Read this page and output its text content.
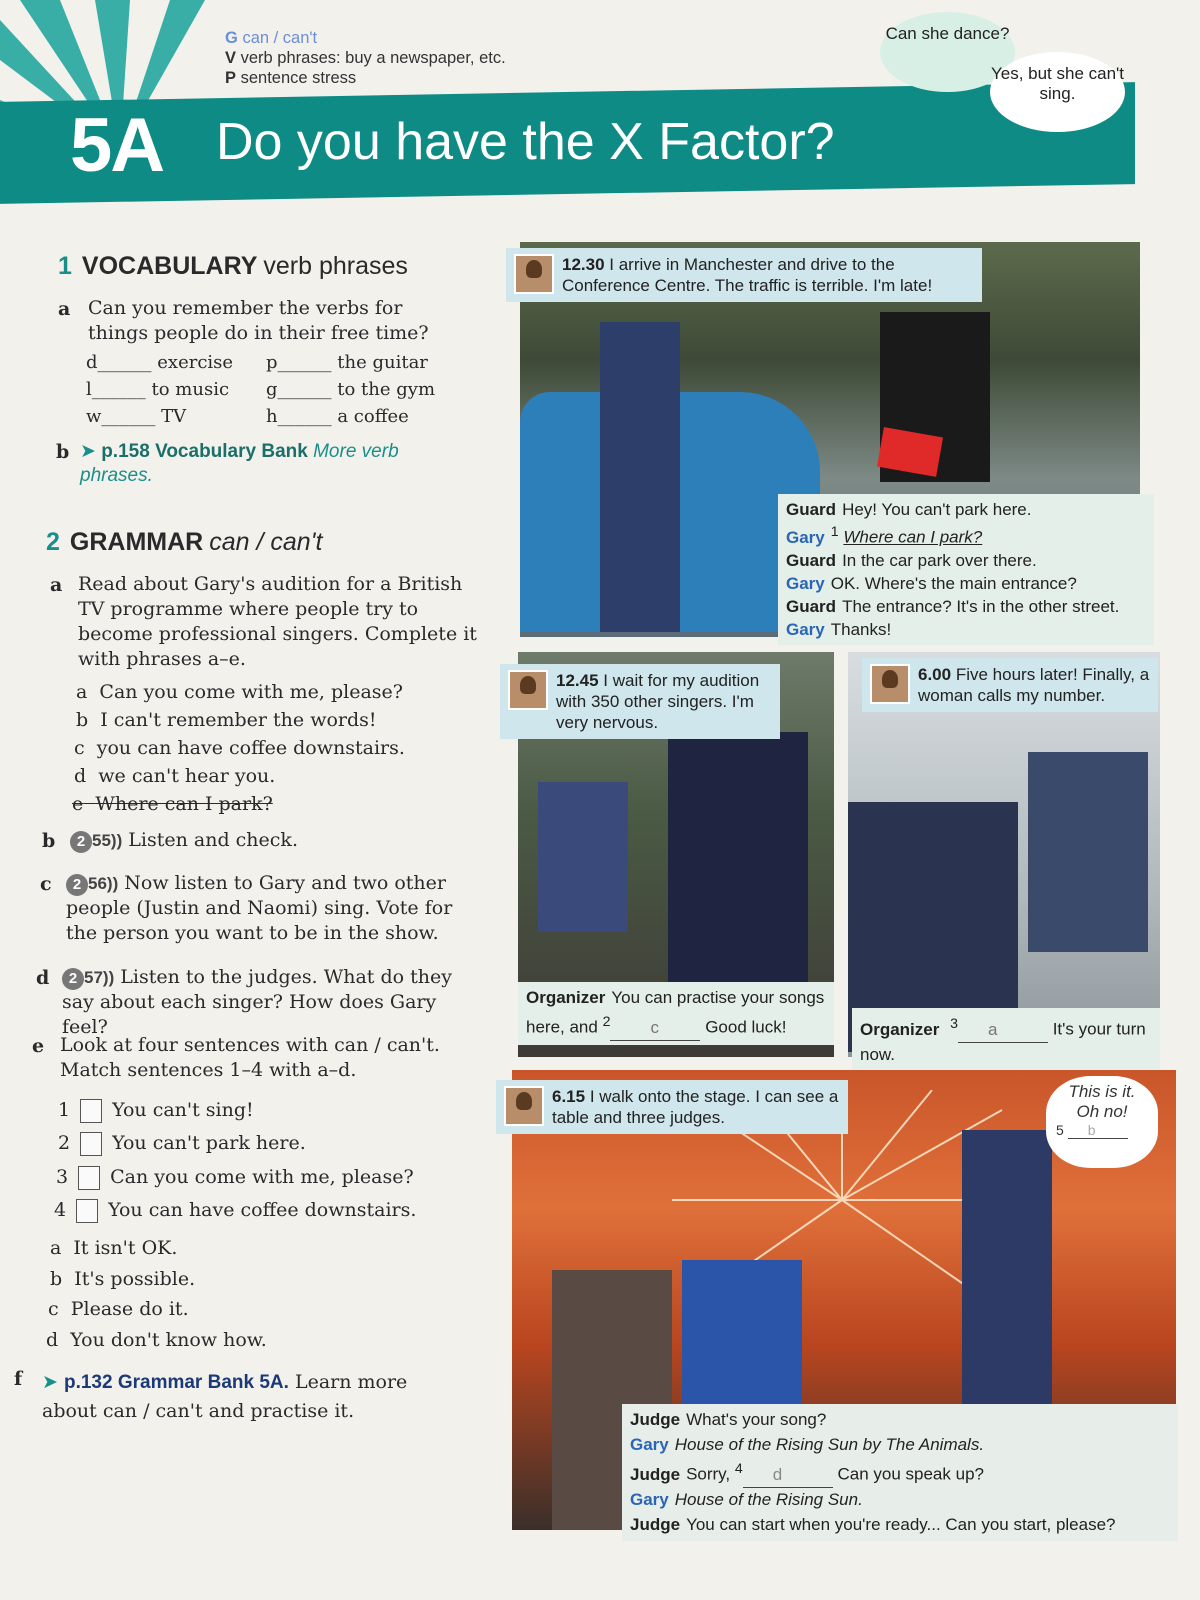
G can / can't
V verb phrases: buy a newspaper, etc.
P sentence stress
5A Do you have the X Factor?
Can she dance?
Yes, but she can't sing.
1 VOCABULARY verb phrases
a Can you remember the verbs for things people do in their free time?
d______ exercise p______ the guitar
l______ to music g______ to the gym
w______ TV	h______ a coffee
b ➤ p.158 Vocabulary Bank More verb phrases.
2 GRAMMAR can / can't
a Read about Gary's audition for a British TV programme where people try to become professional singers. Complete it with phrases a–e.
a Can you come with me, please?
b I can't remember the words!
c you can have coffee downstairs.
d we can't hear you.
e Where can I park?
b	2 55)) Listen and check.
c	2 56)) Now listen to Gary and two other people (Justin and Naomi) sing. Vote for the person you want to be in the show.
d	2 57)) Listen to the judges. What do they say about each singer? How does Gary feel?
e Look at four sentences with can / can't. Match sentences 1–4 with a–d.
1 You can't sing!
2 You can't park here.
3 Can you come with me, please?
4 You can have coffee downstairs.
a It isn't OK.
b It's possible.
c Please do it.
d You don't know how.
f ➤ p.132 Grammar Bank 5A. Learn more about can / can't and practise it.
12.30 I arrive in Manchester and drive to the Conference Centre. The traffic is terrible. I'm late!
Guard Hey! You can't park here.
Gary $^1$ Where can I park?
Guard In the car park over there.
Gary OK. Where's the main entrance?
Guard The entrance? It's in the other street.
Gary Thanks!
12.45 I wait for my audition with 350 other singers. I'm very nervous.
Organizer You can practise your songs here, and $^2$ c	Good luck!
6.00 Five hours later! Finally, a woman calls my number.
Organizer $^3$ a	It's your turn now.
6.15 I walk onto the stage. I can see a table and three judges.
This is it.
Oh no!
5 b
Judge What's your song?
Gary House of the Rising Sun by The Animals.
Judge Sorry, $^4$ d	Can you speak up?
Gary House of the Rising Sun.
Judge You can start when you're ready... Can you start, please?
